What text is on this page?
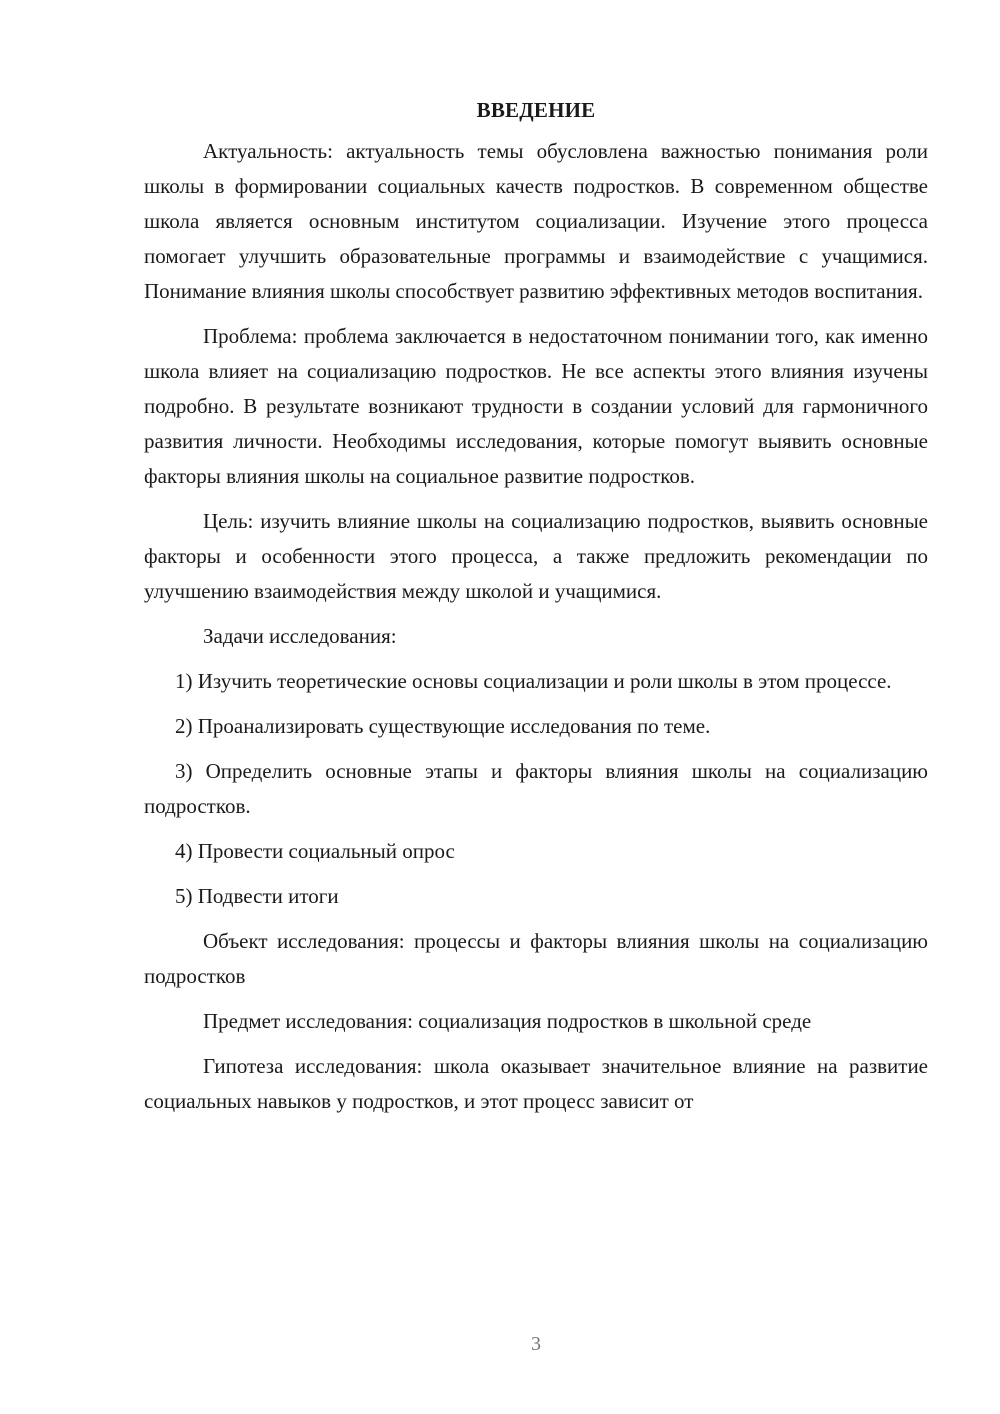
ВВЕДЕНИЕ

Актуальность: актуальность темы обусловлена важностью понимания роли школы в формировании социальных качеств подростков. В современном обществе школа является основным институтом социализации. Изучение этого процесса помогает улучшить образовательные программы и взаимодействие с учащимися. Понимание влияния школы способствует развитию эффективных методов воспитания.

Проблема: проблема заключается в недостаточном понимании того, как именно школа влияет на социализацию подростков. Не все аспекты этого влияния изучены подробно. В результате возникают трудности в создании условий для гармоничного развития личности. Необходимы исследования, которые помогут выявить основные факторы влияния школы на социальное развитие подростков.

Цель: изучить влияние школы на социализацию подростков, выявить основные факторы и особенности этого процесса, а также предложить рекомендации по улучшению взаимодействия между школой и учащимися.

Задачи исследования:

1) Изучить теоретические основы социализации и роли школы в этом процессе.

2) Проанализировать существующие исследования по теме.

3) Определить основные этапы и факторы влияния школы на социализацию подростков.

4) Провести социальный опрос

5) Подвести итоги

Объект исследования: процессы и факторы влияния школы на социализацию подростков

Предмет исследования: социализация подростков в школьной среде

Гипотеза исследования: школа оказывает значительное влияние на развитие социальных навыков у подростков, и этот процесс зависит от

3
